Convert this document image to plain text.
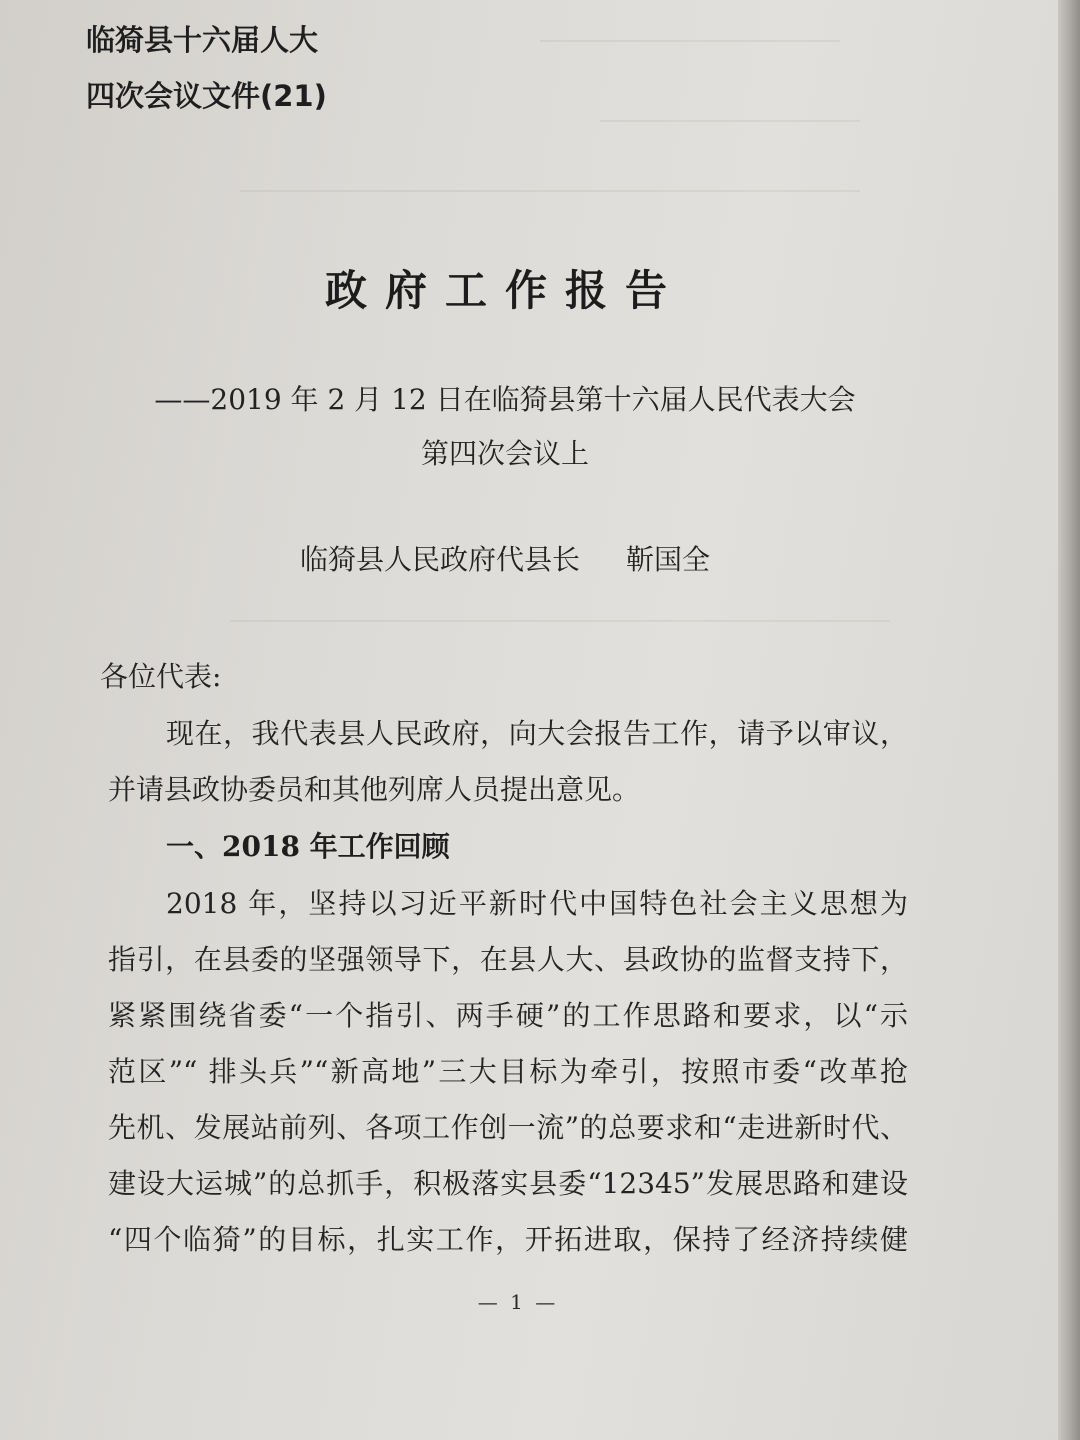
临猗县十六届人大
四次会议文件(21)
政府工作报告
——2019 年 2 月 12 日在临猗县第十六届人民代表大会
第四次会议上
临猗县人民政府代县长 靳国全
各位代表:
现在，我代表县人民政府，向大会报告工作，请予以审议，
并请县政协委员和其他列席人员提出意见。
一、2018 年工作回顾
2018 年，坚持以习近平新时代中国特色社会主义思想为
指引，在县委的坚强领导下，在县人大、县政协的监督支持下，
紧紧围绕省委“一个指引、两手硬”的工作思路和要求，以“示
范区”“ 排头兵”“新高地”三大目标为牵引，按照市委“改革抢
先机、发展站前列、各项工作创一流”的总要求和“走进新时代、
建设大运城”的总抓手，积极落实县委“12345”发展思路和建设
“四个临猗”的目标，扎实工作，开拓进取，保持了经济持续健
— 1 —
